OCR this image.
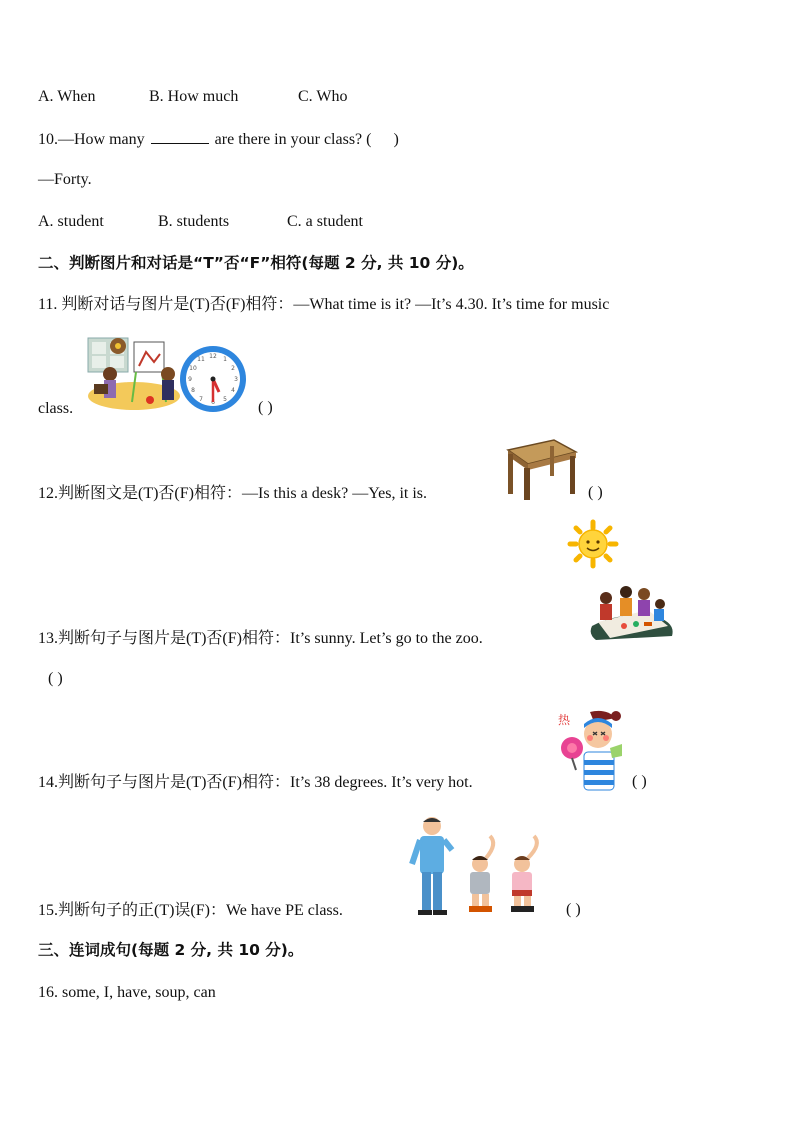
A. When	B. How much	C. Who
10.—How many	are there in your class? ( )
—Forty.
A. student	B. students	C. a student
二、判断图片和对话是“T”否“F”相符(每题 2 分, 共 10 分)。
11. 判断对话与图片是(T)否(F)相符：—What time is it? —It’s 4.30. It’s time for music
12 1
2
3
4
5
6
7
8
9
10
11
class.	( )
12.判断图文是(T)否(F)相符：—Is this a desk? —Yes, it is.	( )
13.判断句子与图片是(T)否(F)相符：It’s sunny. Let’s go to the zoo.
( )
热
14.判断句子与图片是(T)否(F)相符：It’s 38 degrees. It’s very hot.	( )
15.判断句子的正(T)误(F)：We have PE class.	( )
三、连词成句(每题 2 分, 共 10 分)。
16. some, I, have, soup, can
